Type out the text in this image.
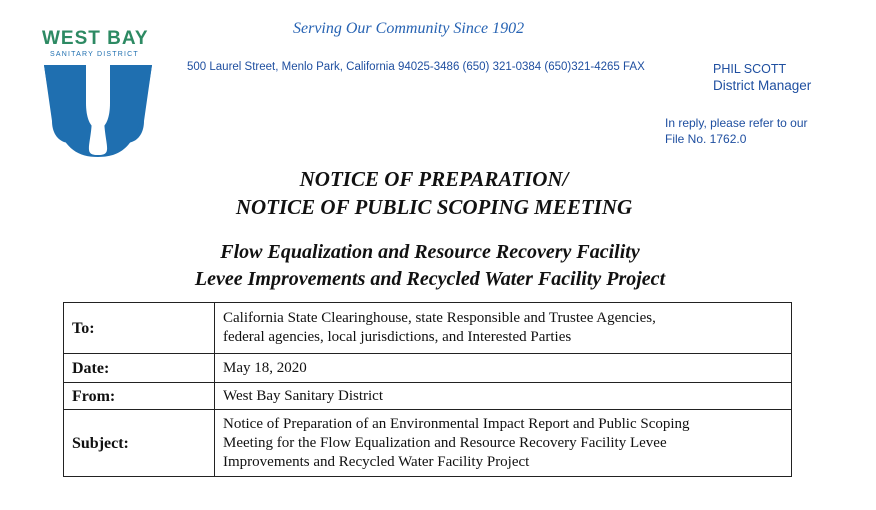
WEST BAY
SANITARY DISTRICT
Serving Our Community Since 1902
500 Laurel Street, Menlo Park, California 94025-3486 (650) 321-0384 (650)321-4265 FAX	PHIL SCOTT
District Manager
In reply, please refer to our
File No. 1762.0
NOTICE OF PREPARATION/
NOTICE OF PUBLIC SCOPING MEETING
Flow Equalization and Resource Recovery Facility
Levee Improvements and Recycled Water Facility Project
To:	California State Clearinghouse, state Responsible and Trustee Agencies,
federal agencies, local jurisdictions, and Interested Parties

Date:	May 18, 2020
From:	West Bay Sanitary District
Subject:	Notice of Preparation of an Environmental Impact Report and Public Scoping
Meeting for the Flow Equalization and Resource Recovery Facility Levee
Improvements and Recycled Water Facility Project
